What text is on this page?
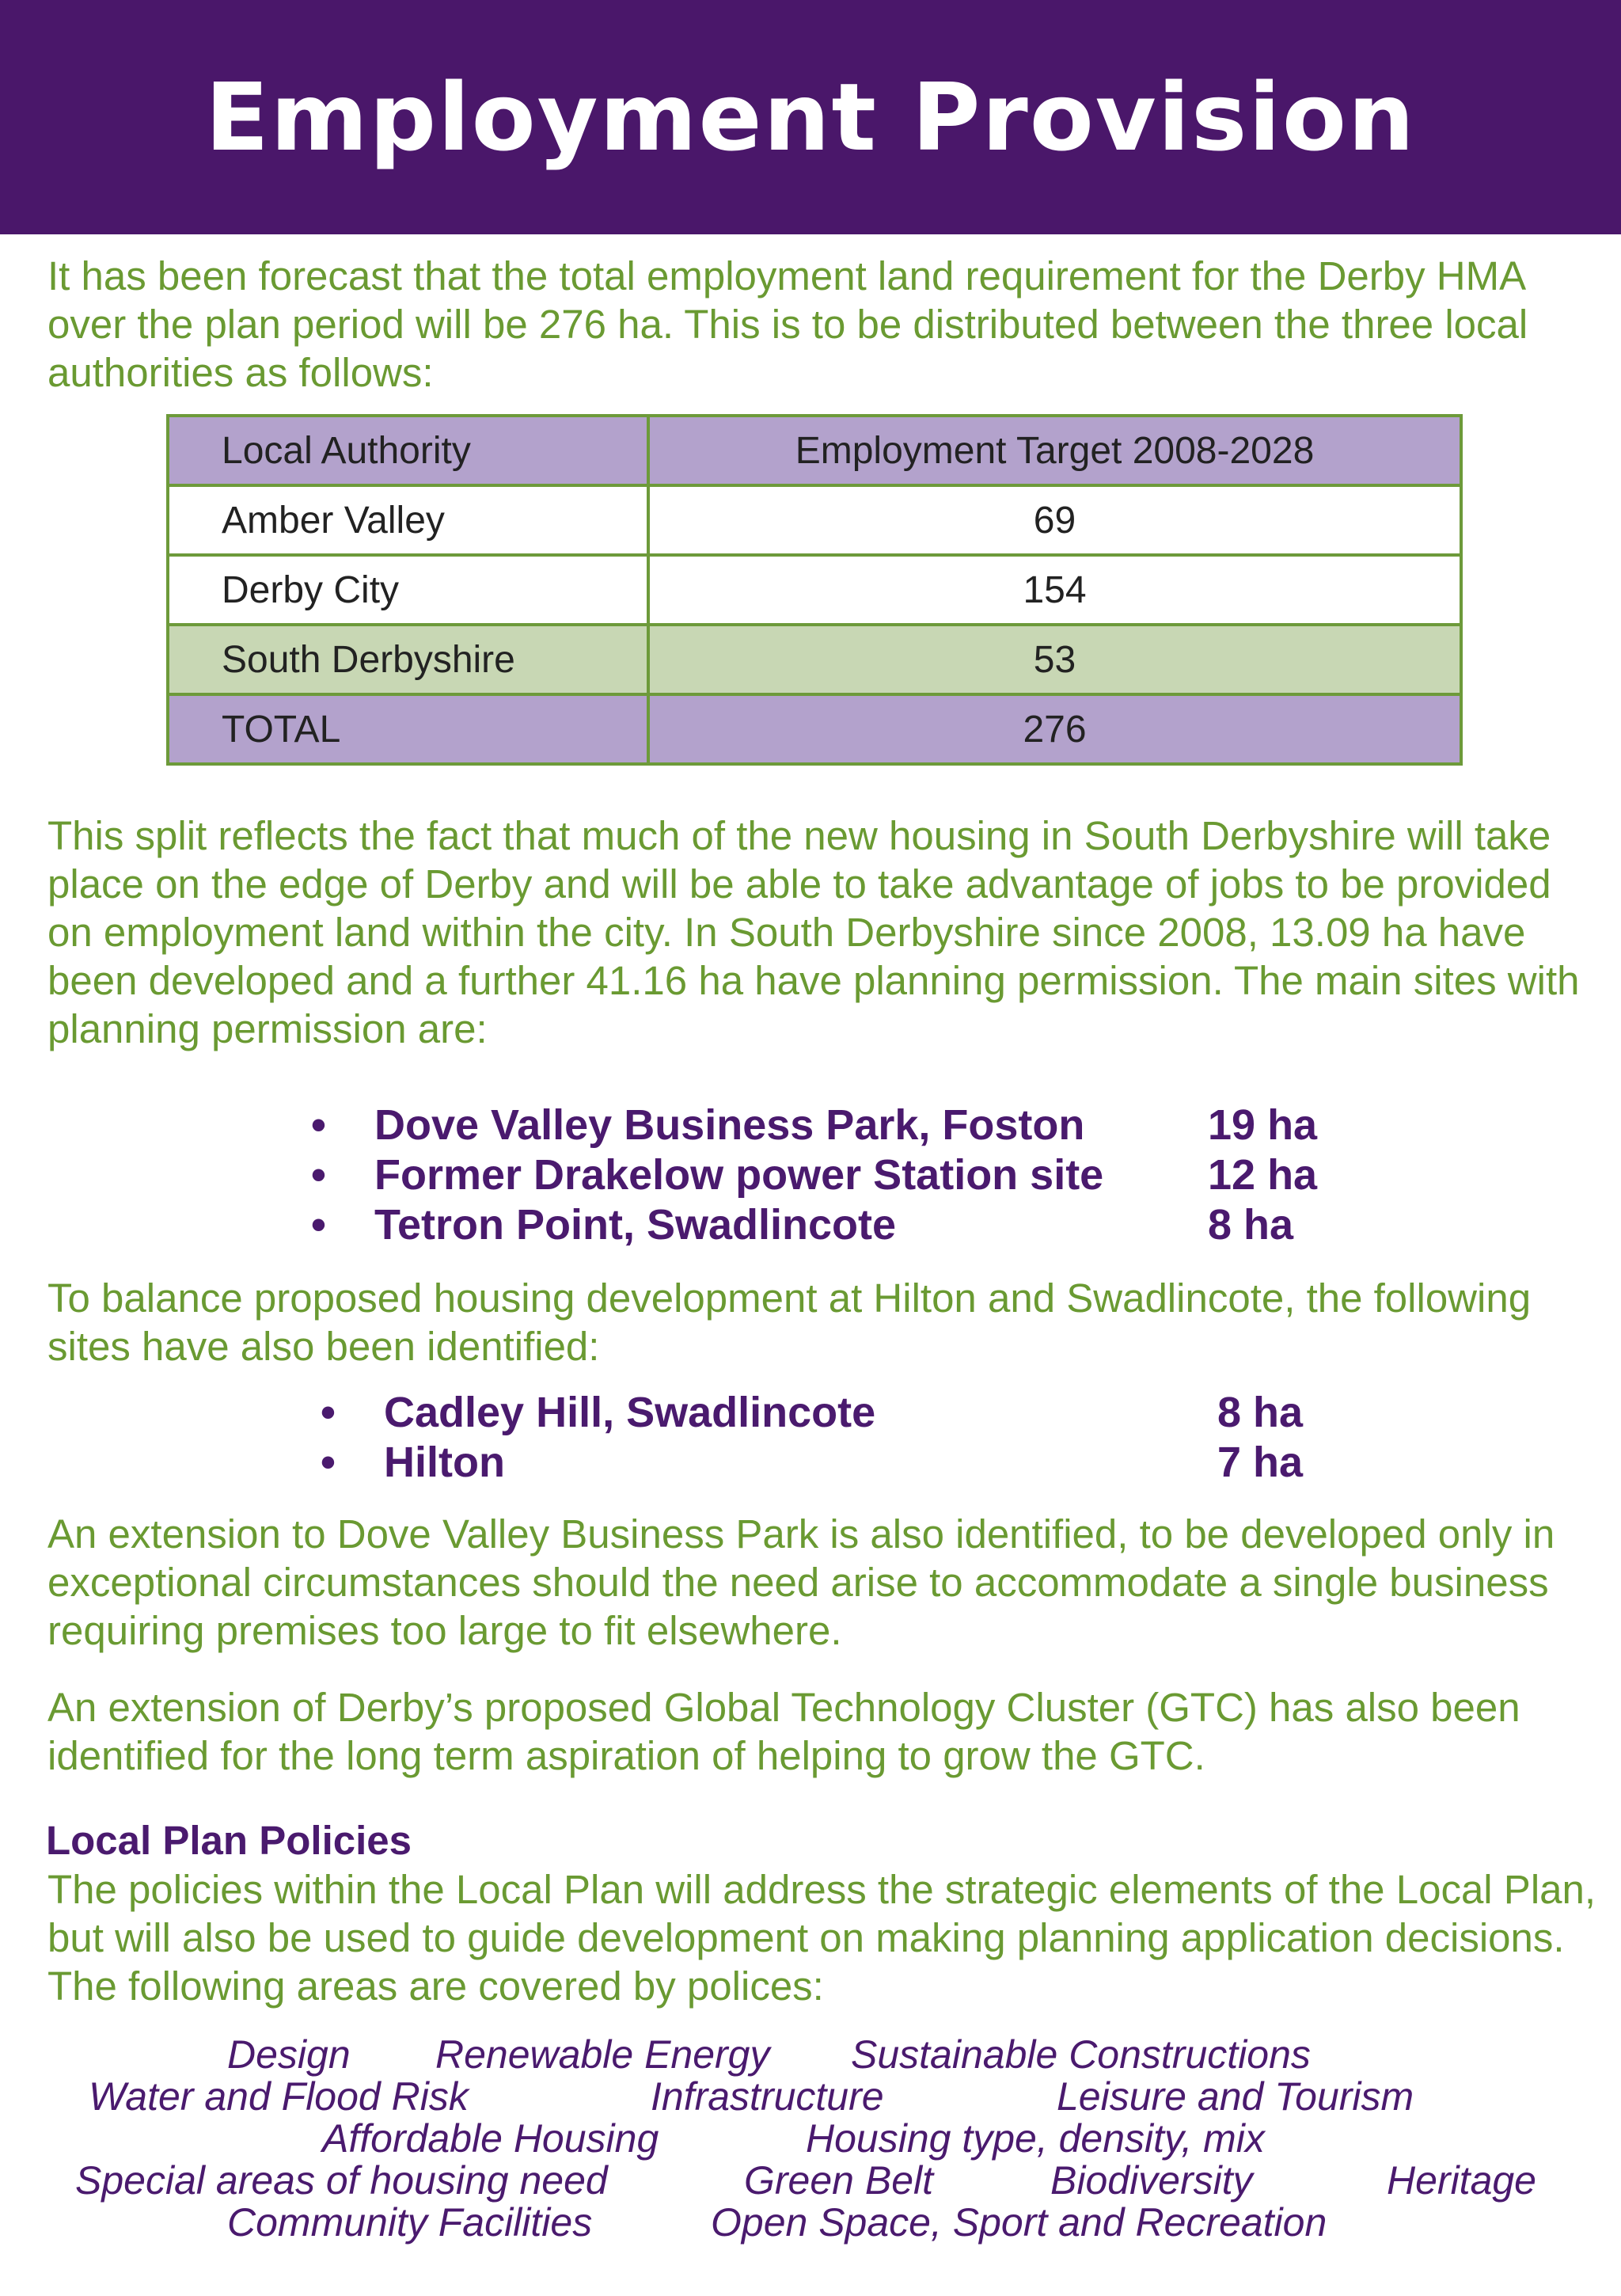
Employment Provision

It has been forecast that the total employment land requirement for the Derby HMA over the plan period will be 276 ha. This is to be distributed between the three local authorities as follows:

Local Authority	Employment Target 2008-2028
Amber Valley	69
Derby City	154
South Derbyshire	53
TOTAL	276

This split reflects the fact that much of the new housing in South Derbyshire will take place on the edge of Derby and will be able to take advantage of jobs to be provided on employment land within the city. In South Derbyshire since 2008, 13.09 ha have been developed and a further 41.16 ha have planning permission. The main sites with planning permission are:

• Dove Valley Business Park, Foston	19 ha
• Former Drakelow power Station site 12 ha
• Tetron Point, Swadlincote	8 ha

To balance proposed housing development at Hilton and Swadlincote, the following sites have also been identified:

• Cadley Hill, Swadlincote	8 ha
• Hilton	7 ha

An extension to Dove Valley Business Park is also identified, to be developed only in exceptional circumstances should the need arise to accommodate a single business requiring premises too large to fit elsewhere.

An extension of Derby’s proposed Global Technology Cluster (GTC) has also been identified for the long term aspiration of helping to grow the GTC.

Local Plan Policies

The policies within the Local Plan will address the strategic elements of the Local Plan, but will also be used to guide development on making planning application decisions. The following areas are covered by polices:

Design Renewable Energy Sustainable Constructions
Water and Flood Risk	Infrastructure	Leisure and Tourism
Affordable Housing	Housing type, density, mix
Special areas of housing need	Green Belt	Biodiversity	Heritage
Community Facilities	Open Space, Sport and Recreation
